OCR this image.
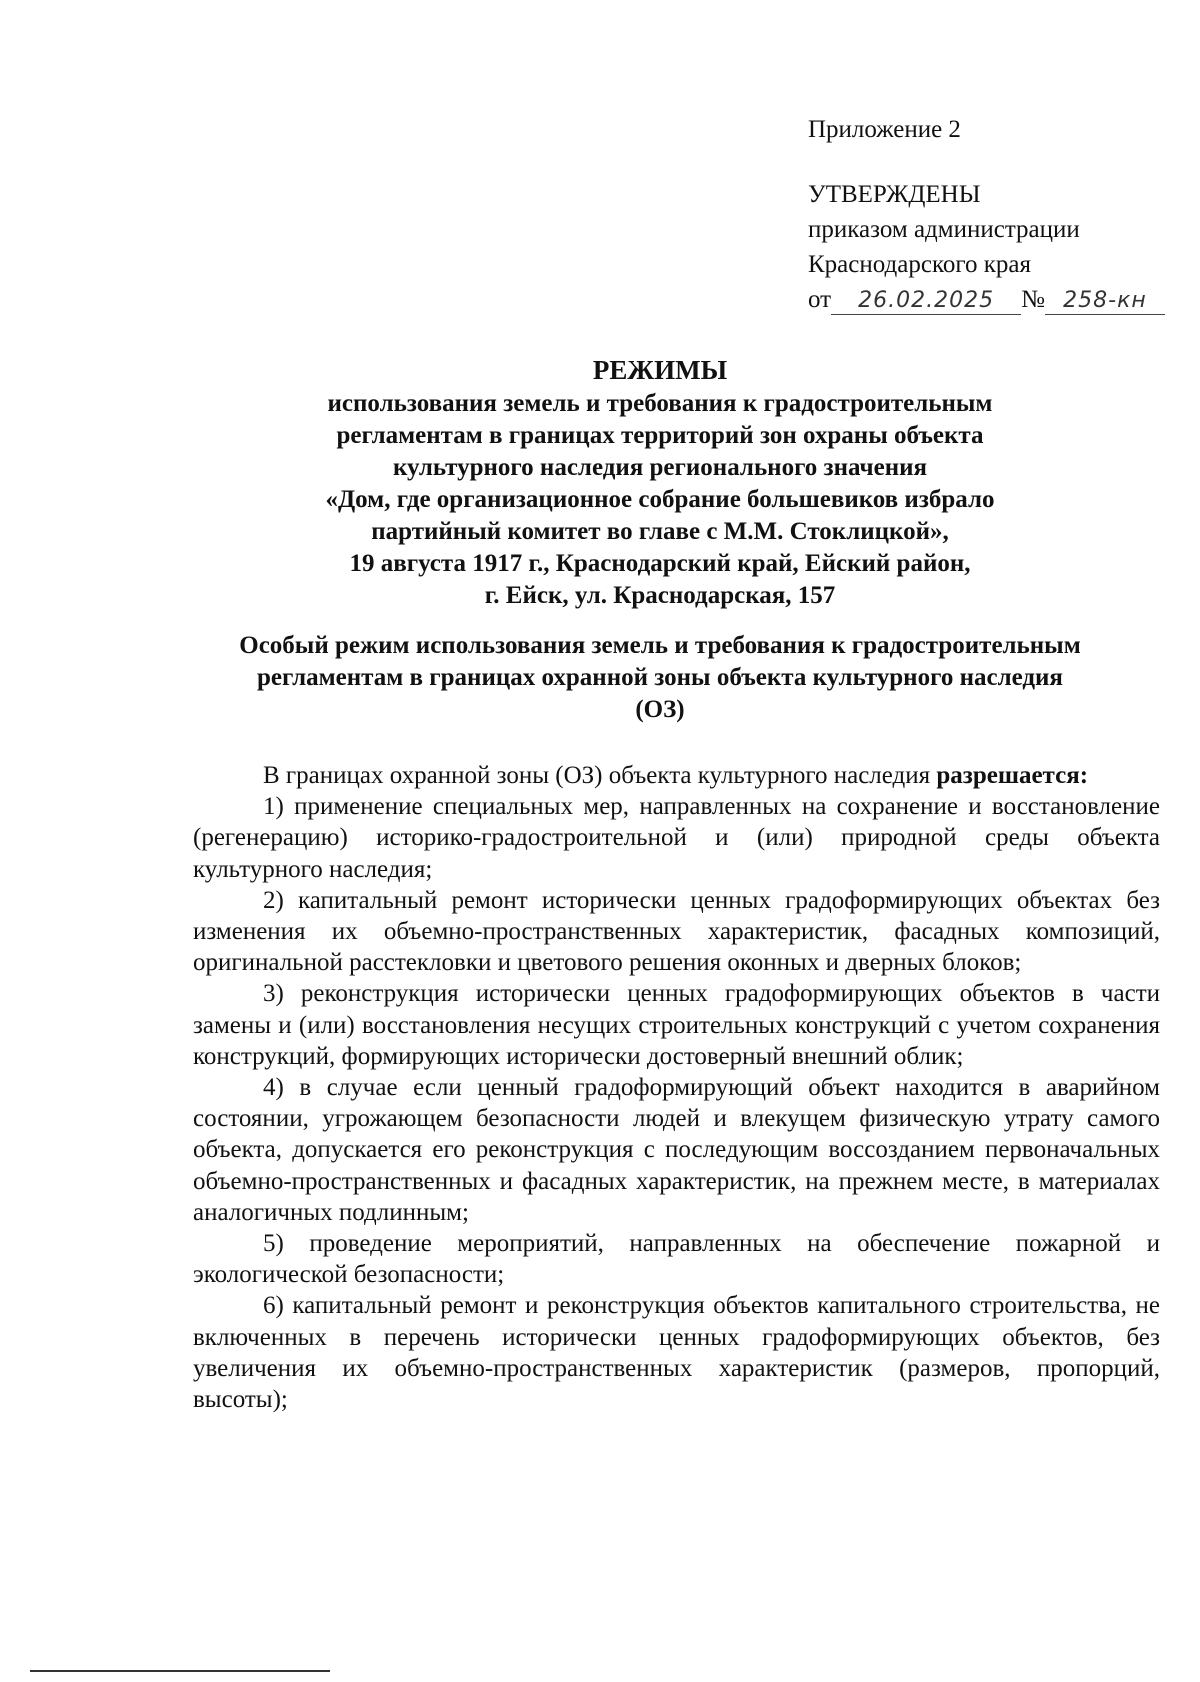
Приложение 2
УТВЕРЖДЕНЫ
приказом администрации
Краснодарского края
от 26.02.2025 № 258-кн
РЕЖИМЫ
использования земель и требования к градостроительным
регламентам в границах территорий зон охраны объекта
культурного наследия регионального значения
«Дом, где организационное собрание большевиков избрало
партийный комитет во главе с М.М. Стоклицкой»,
19 августа 1917 г., Краснодарский край, Ейский район,
г. Ейск, ул. Краснодарская, 157
Особый режим использования земель и требования к градостроительным
регламентам в границах охранной зоны объекта культурного наследия
(ОЗ)

В границах охранной зоны (ОЗ) объекта культурного наследия разрешается:

1) применение специальных мер, направленных на сохранение и восстановление (регенерацию) историко-градостроительной и (или) природной среды объекта культурного наследия;

2) капитальный ремонт исторически ценных градоформирующих объектах без изменения их объемно-пространственных характеристик, фасадных композиций, оригинальной расстекловки и цветового решения оконных и дверных блоков;

3) реконструкция исторически ценных градоформирующих объектов в части замены и (или) восстановления несущих строительных конструкций с учетом сохранения конструкций, формирующих исторически достоверный внешний облик;

4) в случае если ценный градоформирующий объект находится в аварийном состоянии, угрожающем безопасности людей и влекущем физическую утрату самого объекта, допускается его реконструкция с последующим воссозданием первоначальных объемно-пространственных и фасадных характеристик, на прежнем месте, в материалах аналогичных подлинным;

5) проведение мероприятий, направленных на обеспечение пожарной и экологической безопасности;

6) капитальный ремонт и реконструкция объектов капитального строительства, не включенных в перечень исторически ценных градоформирующих объектов, без увеличения их объемно-пространственных характеристик (размеров, пропорций, высоты);
